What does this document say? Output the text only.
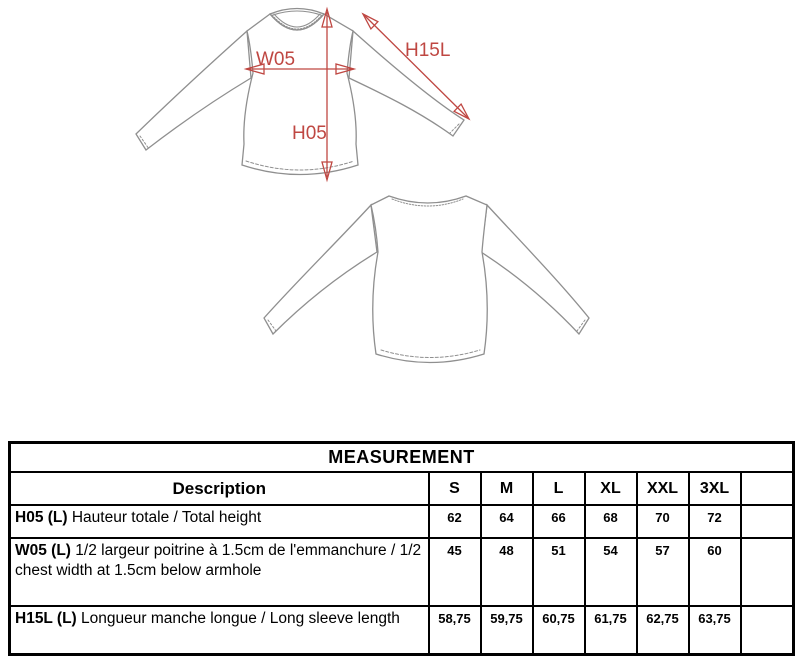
W05
H05
H15L
MEASUREMENT							
Description	S	M	L	XL	XXL	3XL	
H05 (L) Hauteur totale / Total height	62	64	66	68	70	72	
W05 (L) 1/2 largeur poitrine à 1.5cm de l'emmanchure / 1/2 chest width at 1.5cm below armhole	45	48	51	54	57	60	
H15L (L) Longueur manche longue / Long sleeve length	58,75	59,75	60,75	61,75	62,75	63,75	
